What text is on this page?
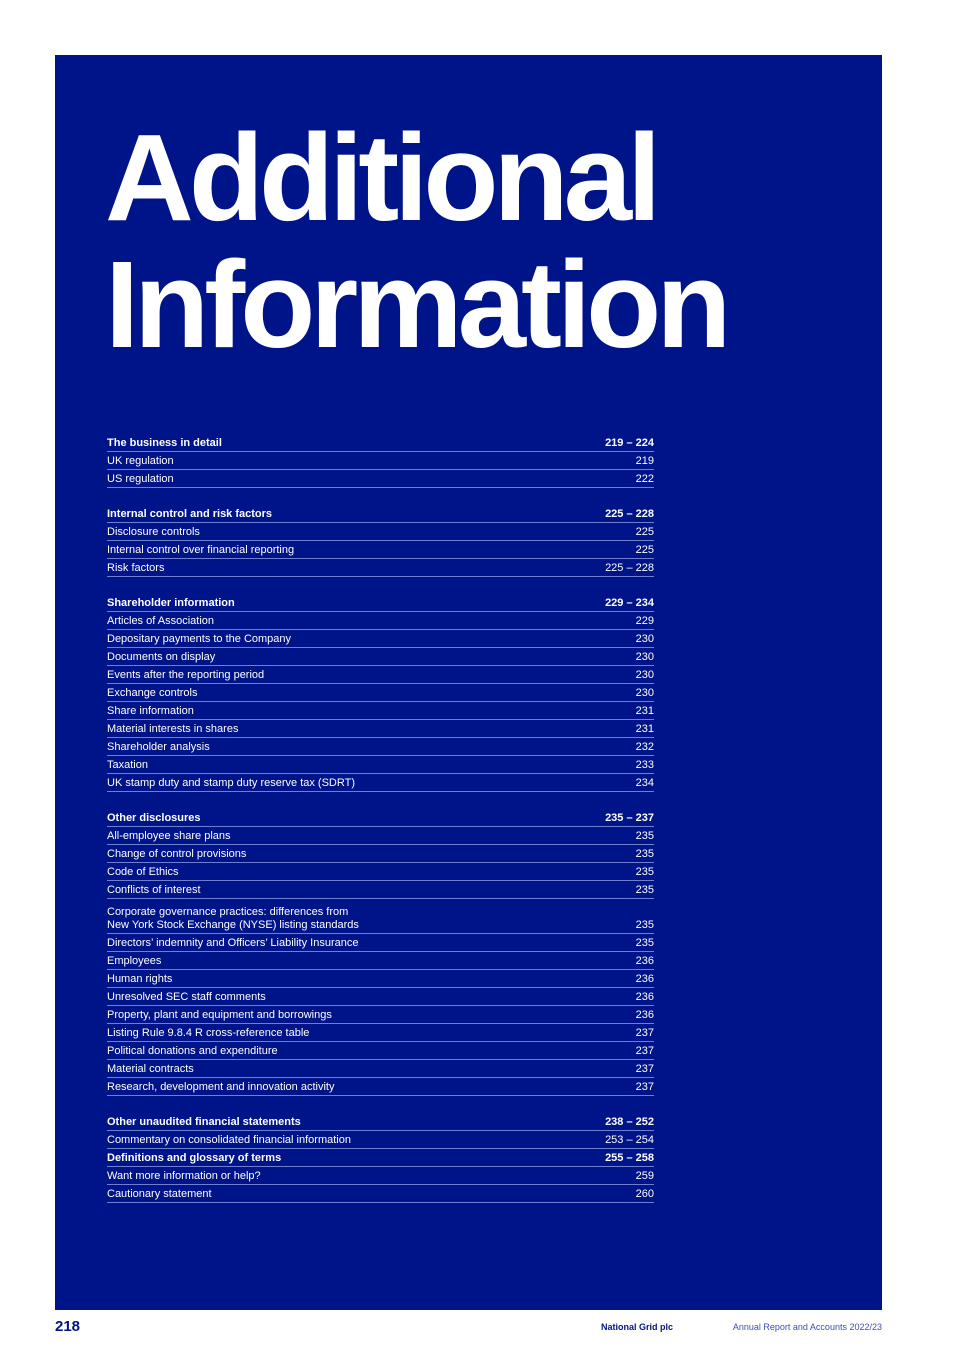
Additional
Information
The business in detail	219 – 224
UK regulation	219
US regulation	222
Internal control and risk factors	225 – 228
Disclosure controls	225
Internal control over financial reporting	225
Risk factors	225 – 228
Shareholder information	229 – 234
Articles of Association	229
Depositary payments to the Company	230
Documents on display	230
Events after the reporting period	230
Exchange controls	230
Share information	231
Material interests in shares	231
Shareholder analysis	232
Taxation	233
UK stamp duty and stamp duty reserve tax (SDRT)	234
Other disclosures	235 – 237
All-employee share plans	235
Change of control provisions	235
Code of Ethics	235
Conflicts of interest	235
Corporate governance practices: differences from
New York Stock Exchange (NYSE) listing standards	235
Directors’ indemnity and Officers’ Liability Insurance	235
Employees	236
Human rights	236
Unresolved SEC staff comments	236
Property, plant and equipment and borrowings	236
Listing Rule 9.8.4 R cross-reference table	237
Political donations and expenditure	237
Material contracts	237
Research, development and innovation activity	237
Other unaudited financial statements	238 – 252
Commentary on consolidated financial information	253 – 254
Definitions and glossary of terms	255 – 258
Want more information or help?	259
Cautionary statement	260
218	National Grid plc	Annual Report and Accounts 2022/23
